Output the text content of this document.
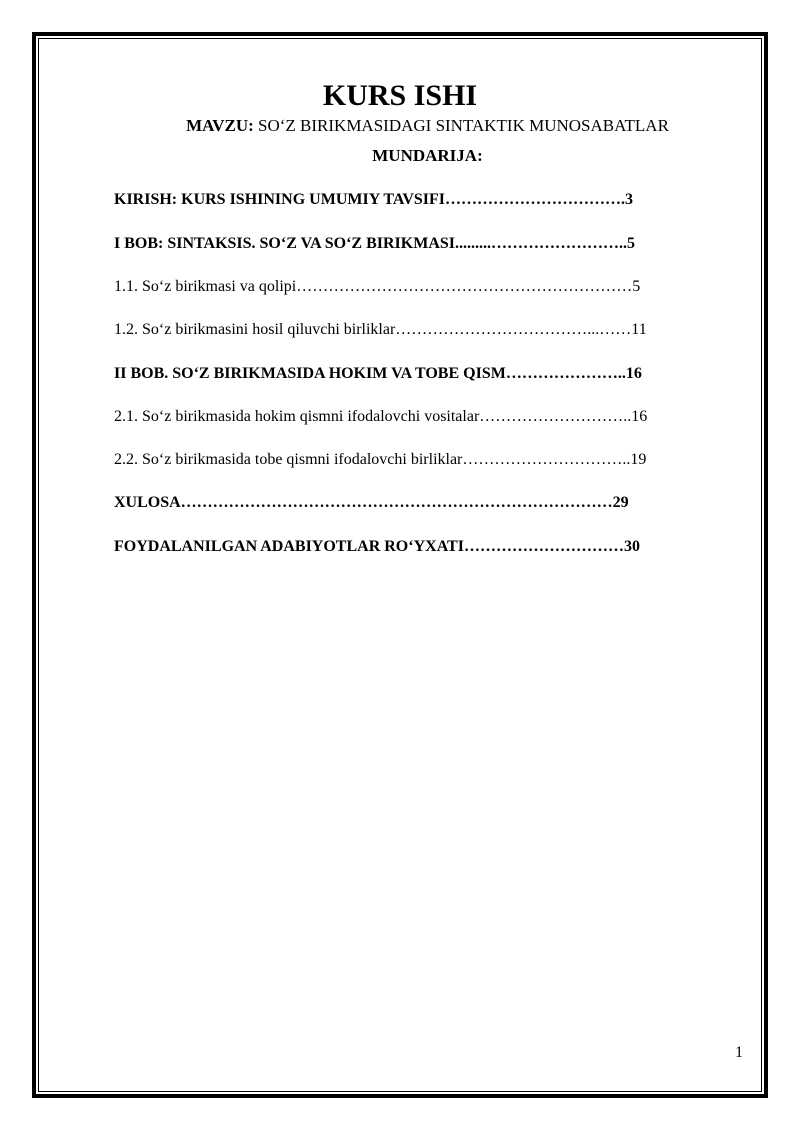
KURS ISHI
MAVZU: SO‘Z BIRIKMASIDAGI SINTAKTIK MUNOSABATLAR
MUNDARIJA:
KIRISH: KURS ISHINING UMUMIY TAVSIFI…………………………….3
I BOB: SINTAKSIS. SO‘Z VA SO‘Z BIRIKMASI.........……………………..5
1.1. So‘z birikmasi va qolipi………………………………………………………5
1.2. So‘z birikmasini hosil qiluvchi birliklar………………………………...……11
II BOB. SO‘Z BIRIKMASIDA HOKIM VA TOBE QISM…………………..16
2.1. So‘z birikmasida hokim qismni ifodalovchi vositalar………………………..16
2.2. So‘z birikmasida tobe qismni ifodalovchi birliklar…………………………..19
XULOSA………………………………………………………………………29
FOYDALANILGAN ADABIYOTLAR RO‘YXATI…………………………30
1
